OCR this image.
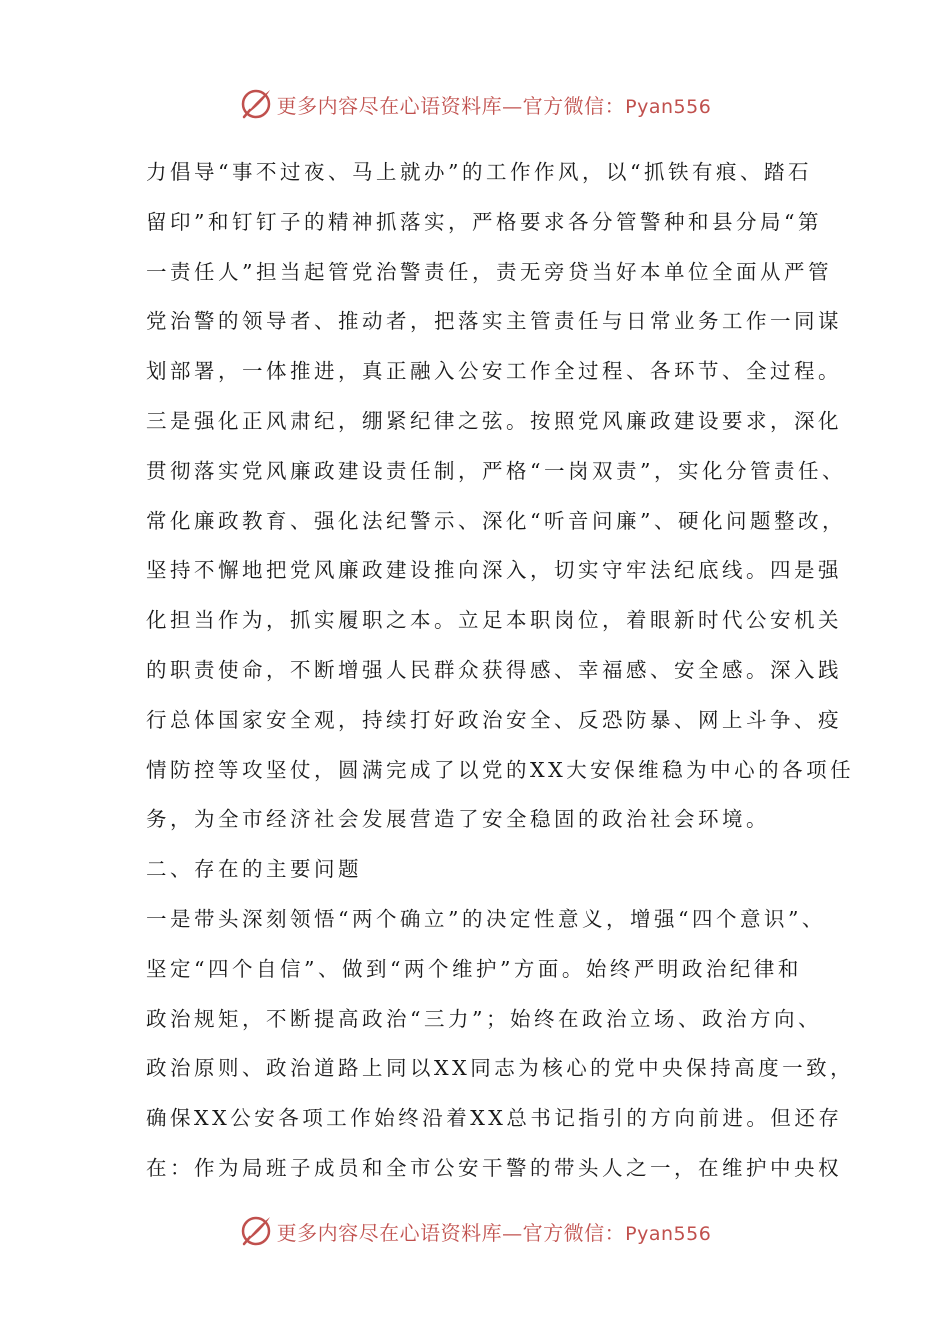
更多内容尽在心语资料库—官方微信：Pyan556
力倡导“事不过夜、马上就办”的工作作风，以“抓铁有痕、踏石
留印”和钉钉子的精神抓落实，严格要求各分管警种和县分局“第
一责任人”担当起管党治警责任，责无旁贷当好本单位全面从严管
党治警的领导者、推动者，把落实主管责任与日常业务工作一同谋
划部署，一体推进，真正融入公安工作全过程、各环节、全过程。
三是强化正风肃纪，绷紧纪律之弦。按照党风廉政建设要求，深化
贯彻落实党风廉政建设责任制，严格“一岗双责”，实化分管责任、
常化廉政教育、强化法纪警示、深化“听音问廉”、硬化问题整改，
坚持不懈地把党风廉政建设推向深入，切实守牢法纪底线。四是强
化担当作为，抓实履职之本。立足本职岗位，着眼新时代公安机关
的职责使命，不断增强人民群众获得感、幸福感、安全感。深入践
行总体国家安全观，持续打好政治安全、反恐防暴、网上斗争、疫
情防控等攻坚仗，圆满完成了以党的XX大安保维稳为中心的各项任
务，为全市经济社会发展营造了安全稳固的政治社会环境。
二、存在的主要问题
一是带头深刻领悟“两个确立”的决定性意义，增强“四个意识”、
坚定“四个自信”、做到“两个维护”方面。始终严明政治纪律和
政治规矩，不断提高政治“三力”；始终在政治立场、政治方向、
政治原则、政治道路上同以XX同志为核心的党中央保持高度一致，
确保XX公安各项工作始终沿着XX总书记指引的方向前进。但还存
在：作为局班子成员和全市公安干警的带头人之一，在维护中央权
更多内容尽在心语资料库—官方微信：Pyan556
